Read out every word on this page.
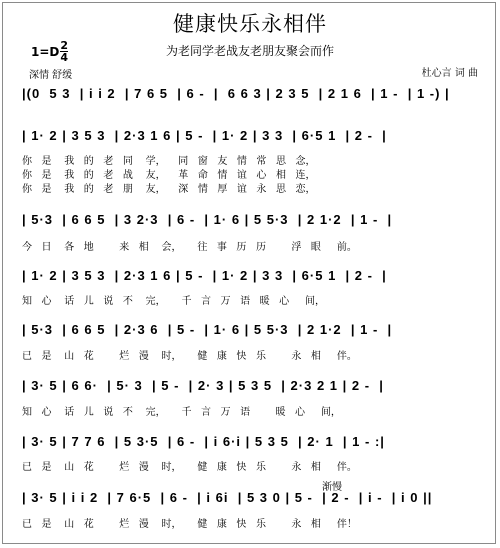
健康快乐永相伴
$1=D \frac{2}{4}$	为老同学老战友老朋友聚会而作
深情 舒缓	杜心言 词 曲
|(0  5 3  | i i 2  | 7 6 5  | 6 -  |  6 6 3 | 2 3 5  | 2 1 6  | 1 -  | 1 -) |
| 1· 2 | 3 5 3  | 2·3 1 6 | 5 -  | 1· 2 | 3 3  | 6·5 1  | 2 -  |
你   是    我   的   老   同    学，    同   窗   友   情   常   思   念，
你   是    我   的   老   战    友，    革   命   情   谊   心   相   连，
你   是    我   的   老   朋    友，    深   情   厚   谊   永   思   恋，
| 5·3  | 6 6 5  | 3 2·3  | 6 -  | 1· 6 | 5 5·3  | 2 1·2  | 1 -  |
今   日    各   地        来   相    会，     往   事   历   历        浮   眼     前。
| 1· 2 | 3 5 3  | 2·3 1 6 | 5 -  | 1· 2 | 3 3  | 6·5 1  | 2 -  |
知   心    话   儿   说   不    完，     千   言   万   语   暖   心     间，
| 5·3  | 6 6 5  | 2·3 6  | 5 -  | 1· 6 | 5 5·3  | 2 1·2  | 1 -  |
已   是    山   花        烂   漫    时，     健   康   快   乐        永   相     伴。
| 3· 5 | 6 6·  | 5· 3  | 5 -  | 2· 3 | 5 3 5  | 2·3 2 1 | 2 -  |
知   心    话   儿   说   不    完，     千   言   万   语        暖   心     间，
| 3· 5 | 7 7 6  | 5 3·5  | 6 -  | i 6·i | 5 3 5  | 2· 1  | 1 - :|
已   是    山   花        烂   漫    时，     健   康   快   乐        永   相     伴。
渐慢
| 3· 5 | i i 2  | 7 6·5  | 6 -  | i 6i  | 5 3 0 | 5 -  | 2 -  | i -  | i 0 ||
已   是    山   花        烂   漫    时，     健   康   快   乐        永   相     伴！
